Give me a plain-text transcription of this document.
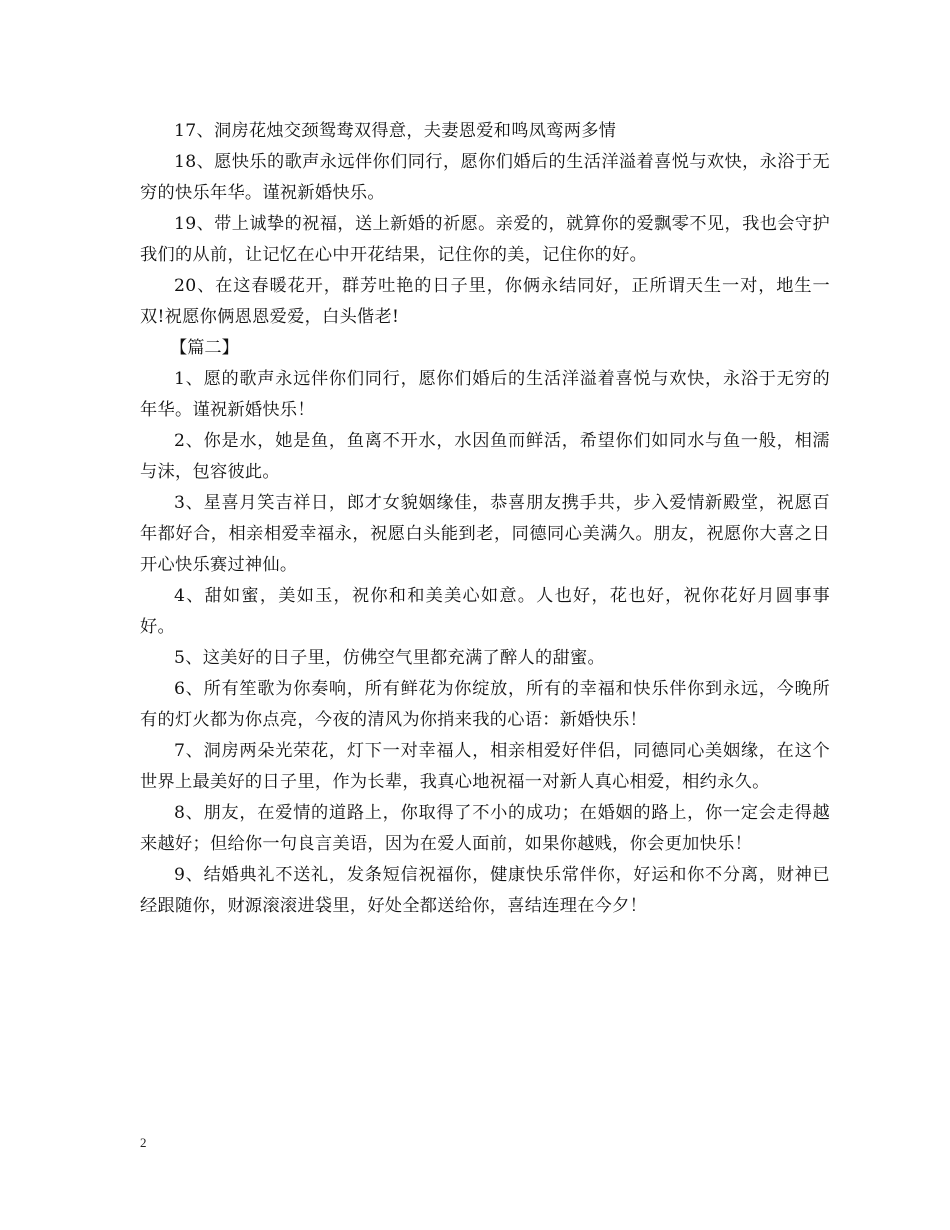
17、洞房花烛交颈鸳鸯双得意，夫妻恩爱和鸣凤鸾两多情

18、愿快乐的歌声永远伴你们同行，愿你们婚后的生活洋溢着喜悦与欢快，永浴于无穷的快乐年华。谨祝新婚快乐。

19、带上诚挚的祝福，送上新婚的祈愿。亲爱的，就算你的爱飘零不见，我也会守护我们的从前，让记忆在心中开花结果，记住你的美，记住你的好。

20、在这春暖花开，群芳吐艳的日子里，你俩永结同好，正所谓天生一对，地生一双!祝愿你俩恩恩爱爱，白头偕老!

【篇二】

1、愿的歌声永远伴你们同行，愿你们婚后的生活洋溢着喜悦与欢快，永浴于无穷的年华。谨祝新婚快乐！

2、你是水，她是鱼，鱼离不开水，水因鱼而鲜活，希望你们如同水与鱼一般，相濡与沫，包容彼此。

3、星喜月笑吉祥日，郎才女貌姻缘佳，恭喜朋友携手共，步入爱情新殿堂，祝愿百年都好合，相亲相爱幸福永，祝愿白头能到老，同德同心美满久。朋友，祝愿你大喜之日开心快乐赛过神仙。

4、甜如蜜，美如玉，祝你和和美美心如意。人也好，花也好，祝你花好月圆事事好。

5、这美好的日子里，仿佛空气里都充满了醉人的甜蜜。

6、所有笙歌为你奏响，所有鲜花为你绽放，所有的幸福和快乐伴你到永远，今晚所有的灯火都为你点亮，今夜的清风为你捎来我的心语：新婚快乐！

7、洞房两朵光荣花，灯下一对幸福人，相亲相爱好伴侣，同德同心美姻缘，在这个世界上最美好的日子里，作为长辈，我真心地祝福一对新人真心相爱，相约永久。

8、朋友，在爱情的道路上，你取得了不小的成功；在婚姻的路上，你一定会走得越来越好；但给你一句良言美语，因为在爱人面前，如果你越贱，你会更加快乐！

9、结婚典礼不送礼，发条短信祝福你，健康快乐常伴你，好运和你不分离，财神已经跟随你，财源滚滚进袋里，好处全都送给你，喜结连理在今夕！

2
